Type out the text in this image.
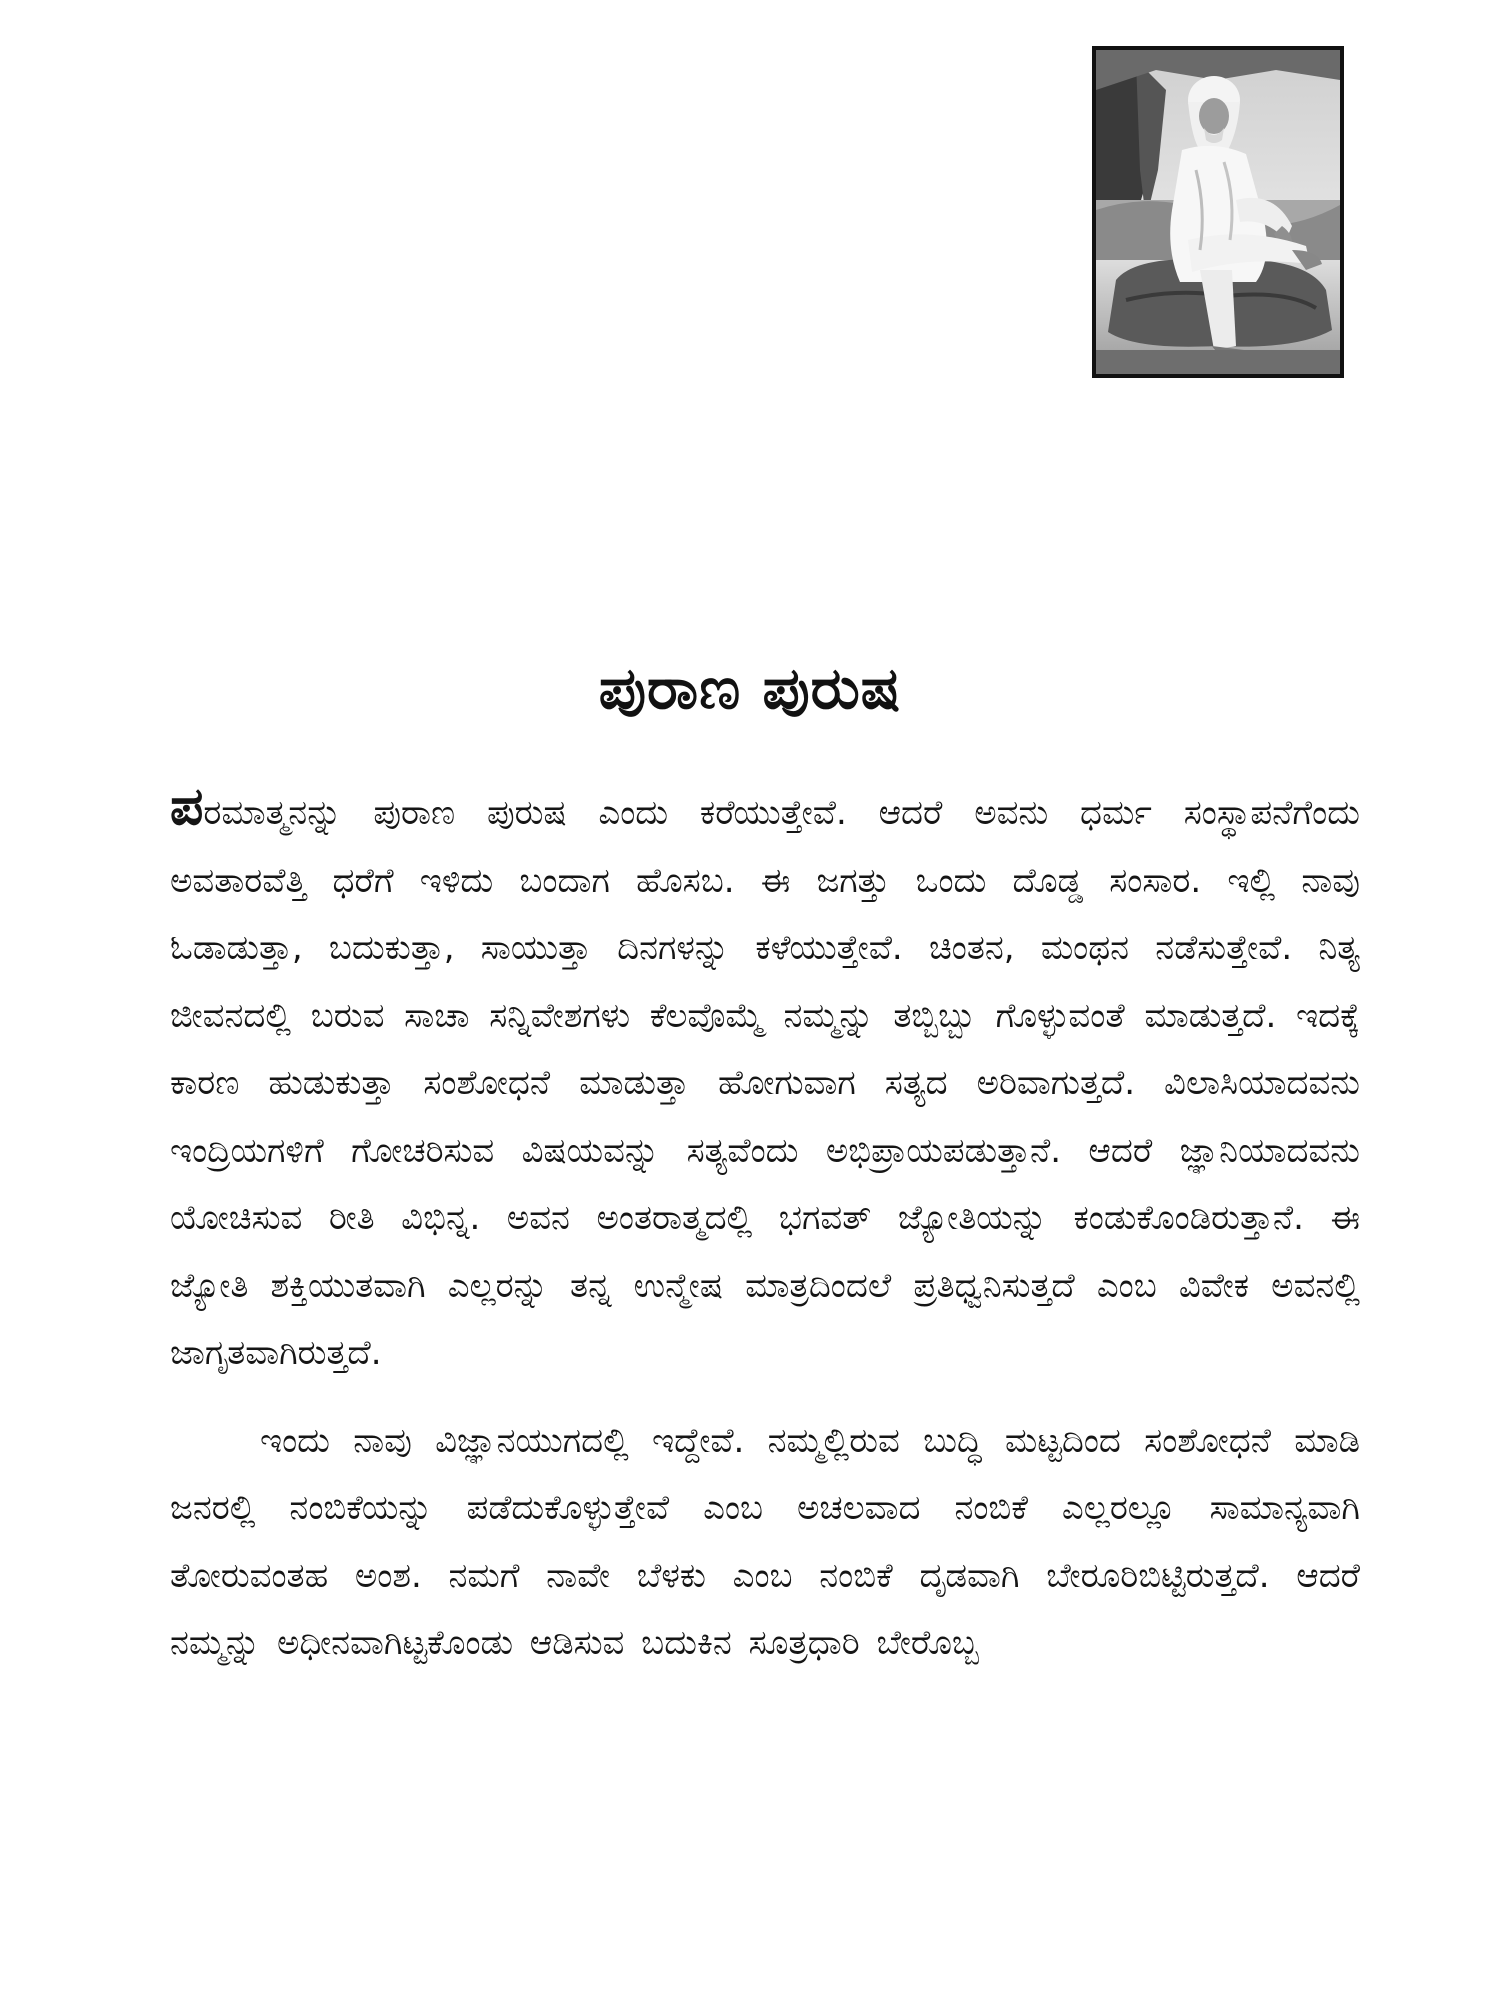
ಪುರಾಣ ಪುರುಷ

ಪರಮಾತ್ಮನನ್ನು ಪುರಾಣ ಪುರುಷ ಎಂದು ಕರೆಯುತ್ತೇವೆ. ಆದರೆ ಅವನು ಧರ್ಮ ಸಂಸ್ಥಾಪನೆಗೆಂದು ಅವತಾರವೆತ್ತಿ ಧರೆಗೆ ಇಳಿದು ಬಂದಾಗ ಹೊಸಬ. ಈ ಜಗತ್ತು ಒಂದು ದೊಡ್ಡ ಸಂಸಾರ. ಇಲ್ಲಿ ನಾವು ಓಡಾಡುತ್ತಾ, ಬದುಕುತ್ತಾ, ಸಾಯುತ್ತಾ ದಿನಗಳನ್ನು ಕಳೆಯುತ್ತೇವೆ. ಚಿಂತನ, ಮಂಥನ ನಡೆಸುತ್ತೇವೆ. ನಿತ್ಯ ಜೀವನದಲ್ಲಿ ಬರುವ ಸಾಚಾ ಸನ್ನಿವೇಶಗಳು ಕೆಲವೊಮ್ಮೆ ನಮ್ಮನ್ನು ತಬ್ಬಿಬ್ಬು ಗೊಳ್ಳುವಂತೆ ಮಾಡುತ್ತದೆ. ಇದಕ್ಕೆ ಕಾರಣ ಹುಡುಕುತ್ತಾ ಸಂಶೋಧನೆ ಮಾಡುತ್ತಾ ಹೋಗುವಾಗ ಸತ್ಯದ ಅರಿವಾಗುತ್ತದೆ. ವಿಲಾಸಿಯಾದವನು ಇಂದ್ರಿಯಗಳಿಗೆ ಗೋಚರಿಸುವ ವಿಷಯವನ್ನು ಸತ್ಯವೆಂದು ಅಭಿಪ್ರಾಯಪಡುತ್ತಾನೆ. ಆದರೆ ಜ್ಞಾನಿಯಾದವನು ಯೋಚಿಸುವ ರೀತಿ ವಿಭಿನ್ನ. ಅವನ ಅಂತರಾತ್ಮದಲ್ಲಿ ಭಗವತ್ ಜ್ಯೋತಿಯನ್ನು ಕಂಡುಕೊಂಡಿರುತ್ತಾನೆ. ಈ ಜ್ಯೋತಿ ಶಕ್ತಿಯುತವಾಗಿ ಎಲ್ಲರನ್ನು ತನ್ನ ಉನ್ಮೇಷ ಮಾತ್ರದಿಂದಲೆ ಪ್ರತಿಧ್ವನಿಸುತ್ತದೆ ಎಂಬ ವಿವೇಕ ಅವನಲ್ಲಿ ಜಾಗೃತವಾಗಿರುತ್ತದೆ.

ಇಂದು ನಾವು ವಿಜ್ಞಾನಯುಗದಲ್ಲಿ ಇದ್ದೇವೆ. ನಮ್ಮಲ್ಲಿರುವ ಬುದ್ಧಿ ಮಟ್ಟದಿಂದ ಸಂಶೋಧನೆ ಮಾಡಿ ಜನರಲ್ಲಿ ನಂಬಿಕೆಯನ್ನು ಪಡೆದುಕೊಳ್ಳುತ್ತೇವೆ ಎಂಬ ಅಚಲವಾದ ನಂಬಿಕೆ ಎಲ್ಲರಲ್ಲೂ ಸಾಮಾನ್ಯವಾಗಿ ತೋರುವಂತಹ ಅಂಶ. ನಮಗೆ ನಾವೇ ಬೆಳಕು ಎಂಬ ನಂಬಿಕೆ ದೃಡವಾಗಿ ಬೇರೂರಿಬಿಟ್ಟಿರುತ್ತದೆ. ಆದರೆ ನಮ್ಮನ್ನು ಅಧೀನವಾಗಿಟ್ಟಕೊಂಡು ಆಡಿಸುವ ಬದುಕಿನ ಸೂತ್ರಧಾರಿ ಬೇರೊಬ್ಬ
